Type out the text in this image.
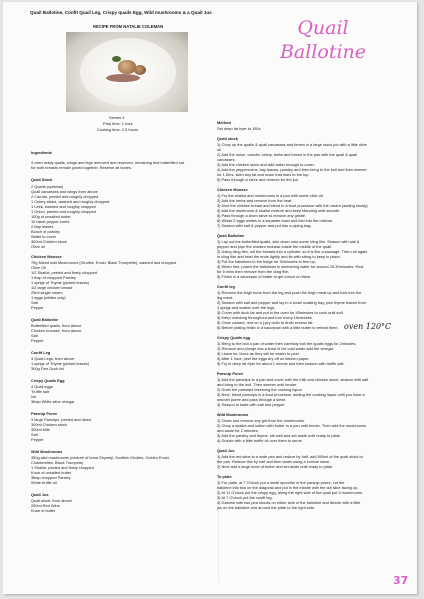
Quail Ballotine, Confit Quail Leg, Crispy quails Egg, Wild mushrooms & a Quail Jus
RECIPE FROM NATALIE COLEMAN
Serves 4
Prep time: 1 hour
Cooking time: 2.5 hours
Ingredients
4 oven ready quails, wings and legs removed and reserved, remaining bird butterflied out
for both breasts remain joined together. Reserve all bones.
Quail Stock
2 Quarts (optional)
Quail carcasses and wings from above
2 Carrots, peeled and roughly chopped
1 Celery sticks, washed and roughly chopped
1 Leek, washed and roughly chopped
1 Onion, peeled and roughly chopped
100g of unsalted butter
10 black pepper corns
2 Bay leaves
Bunch of parsley
Water to cover
300ml Chicken stock
Olive oil
Chicken Mousse
75g Mixed wild Mushrooms (Girolles, Enoki, Black Trompette), washed and chopped
Olive Oil
1/2 Shallot, peeled and finely chopped
1 tbsp of chopped Parsley
1 sprigs of Thyme (picked leaves)
1/2 large chicken breast
25ml single cream
1 eggs (whites only)
Salt
Pepper
Quail Ballotine
Butterflied quails, from above
Chicken mousse, from above
Salt
Pepper
Confit Leg
4 Quail Legs, from above
1 sprigs of Thyme (picked leaves)
300g Fine Duck fat
Crispy Quails Egg
4 Quail eggs
Truffle salt
Ice
3tbsp White wine vinegar
Parsnip Puree
3 large Parsnips, peeled and diced
300ml Chicken stock
300ml Milk
Salt
Pepper
Wild Mushrooms
350g wild mushrooms (mixture of buna Shymeji, Scottish Girolles, Golden Enoki,
Chanterelles, Black Trumpets)
1 Shallot, peeled and finely chopped
Knob of unsalted butter
3tbsp chopped Parsley
White truffle oil
Quail Jus
Quail stock, from above
250ml Red Wine
Knob of butter
Method
Set deep fat fryer to 180c
Quail stock
1) Chop up the quails & quail carcasses and brown in a large stock pot with a little olive
oil
2) Add the onion, carrots, celery, leeks and brown in the pan with the quail & quail
carcasses.
3) Add the chicken stock and add water enough to cover.
4) Add the peppercorns, bay leaves, parsley and then bring to the boil and then simmer
for 1.5hrs, skim any fat and scum that rises to the top.
5) Pass through a sieve and reserve for the jus.
Chicken Mousse
1) Fry the shallot and mushrooms in a pan with some olive oil.
2) Add the herbs and remove from the heat.
3) Dice the chicken breast and blend in a food processor with the cream (adding slowly)
4) Add the mushroom & shallot mixture and keep blending until smooth.
5) Pass through a drum sieve to remove any gristle.
6) Whisk 2 eggs whites in a separate bowl and fold into the mixture.
7) Season with salt & pepper and put into a piping bag.
Quail Ballotine
1) Lay out the butterflied quails, skin down onto some cling film. Season with salt &
pepper and pipe the chicken mousse inside the middle of the quail.
2) Using cling film, roll the breasts into a cylinder, so it is like a sausage. Then roll again
in cling film and twist the ends tightly and tie with string to keep in place.
3) Put the ballotines in the fridge for 30minutes to firm up.
4) When firm, poach the ballotines in simmering water for around 25-30minutes. Rest
for 5 mins then remove from the cling film.
5) Finish in a saucepan of butter to get colour on them.
Confit leg
1) Remove the thigh bone from the leg and push the thigh meat up and tuck into the
leg meat.
2) Season with salt and pepper and lay in a small roasting tray, pick thyme leaves from
1 sprigs and scatter over the legs.
3) Cover with duck fat and put in the oven for 45minutes to cook until soft.
4) Keep checking throughout and turn every 15minutes.
5) Once cooked, rest on a j-pry cloth to drain excess fat.
6) Before plating finish in a saucepan with a little butter to reheat them.
Crispy Quails egg
1) Bring to the boil a pan of water then carefully boil the quails eggs for 2minutes.
2) Remove and plunge into a bowl of ice cold water add the vinegar.
3) Leave for 1hour as they will be easier to peel.
4) After 1 hour, peel the eggs dry off on kitchen paper.
5) Fry in deep fat fryer for about 1 minute and then season with truffle salt.
Parsnip Puree
1) Add the parsnips to a pan and cover with the milk and chicken stock, season with salt
and bring to the boil. Then simmer until tender.
2) Drain the parsnips reserving the cooking liquor.
3) Next, blend parsnips in a food processor, adding the cooking liquor until you have a
smooth puree and pass through a sieve.
4) Season to taste with salt and pepper.
Wild Mushrooms
1) Clean and remove any grit from the mushrooms.
2) Chop a shallot and soften with butter in a pan until tender. Then add the mushrooms
and saute for 2 minutes.
3) Add the parsley and thyme, stir well and set aside until ready to plate.
4) Drizzle with a little truffle oil over them to serve.
Quail Jus
1) Add the red wine to a wide pan and reduce by half, add 500ml of the quail stock to
the pan. Reduce this by half and then strain using a conical sieve.
2) Next add a large knob of butter and set aside until ready to plate.
To plate
1) For plate, at 7 O'clock put a small spoonful of the parsnip puree, cut the
ballotine into two on the diagonal and put in the middle with the cut slice facing up.
2) At 11 O'clock put the crispy egg, along the right side of the quail put 3 mushrooms.
3) At 7 O'clock put the confit leg.
4) Garnish with two pea shoots on either side of the ballotine and drizzle with a little
jus on the ballotine and around the plate to the right side.
Quail Ballotine
oven 120°C
37
